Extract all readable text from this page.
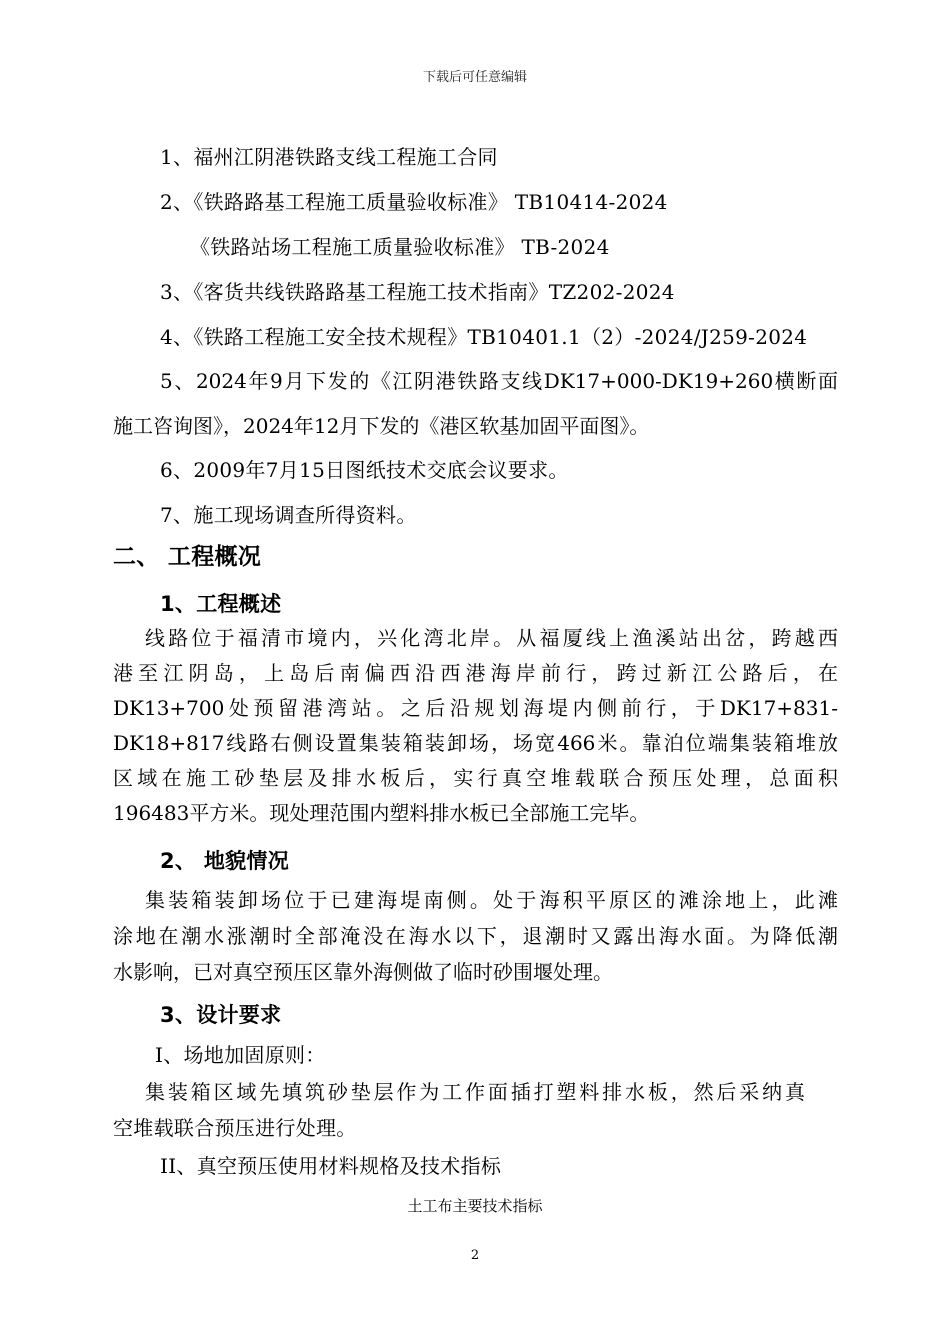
下载后可任意编辑
1、福州江阴港铁路支线工程施工合同
2、《铁路路基工程施工质量验收标准》 TB10414-2024
《铁路站场工程施工质量验收标准》 TB-2024
3、《客货共线铁路路基工程施工技术指南》TZ202-2024
4、《铁路工程施工安全技术规程》TB10401.1（2）-2024/J259-2024
5、2024年9月下发的《江阴港铁路支线DK17+000-DK19+260横断面
施工咨询图》，2024年12月下发的《港区软基加固平面图》。
6、2009年7月15日图纸技术交底会议要求。
7、施工现场调查所得资料。
二、 工程概况
1、工程概述
线路位于福清市境内，兴化湾北岸。从福厦线上渔溪站出岔，跨越西
港至江阴岛，上岛后南偏西沿西港海岸前行，跨过新江公路后，在
DK13+700处预留港湾站。之后沿规划海堤内侧前行，于DK17+831-
DK18+817线路右侧设置集装箱装卸场，场宽466米。靠泊位端集装箱堆放
区域在施工砂垫层及排水板后，实行真空堆载联合预压处理，总面积
196483平方米。现处理范围内塑料排水板已全部施工完毕。
2、 地貌情况
集装箱装卸场位于已建海堤南侧。处于海积平原区的滩涂地上，此滩
涂地在潮水涨潮时全部淹没在海水以下，退潮时又露出海水面。为降低潮
水影响，已对真空预压区靠外海侧做了临时砂围堰处理。
3、设计要求
I、场地加固原则：
集装箱区域先填筑砂垫层作为工作面插打塑料排水板，然后采纳真
空堆载联合预压进行处理。
II、真空预压使用材料规格及技术指标
土工布主要技术指标
2
